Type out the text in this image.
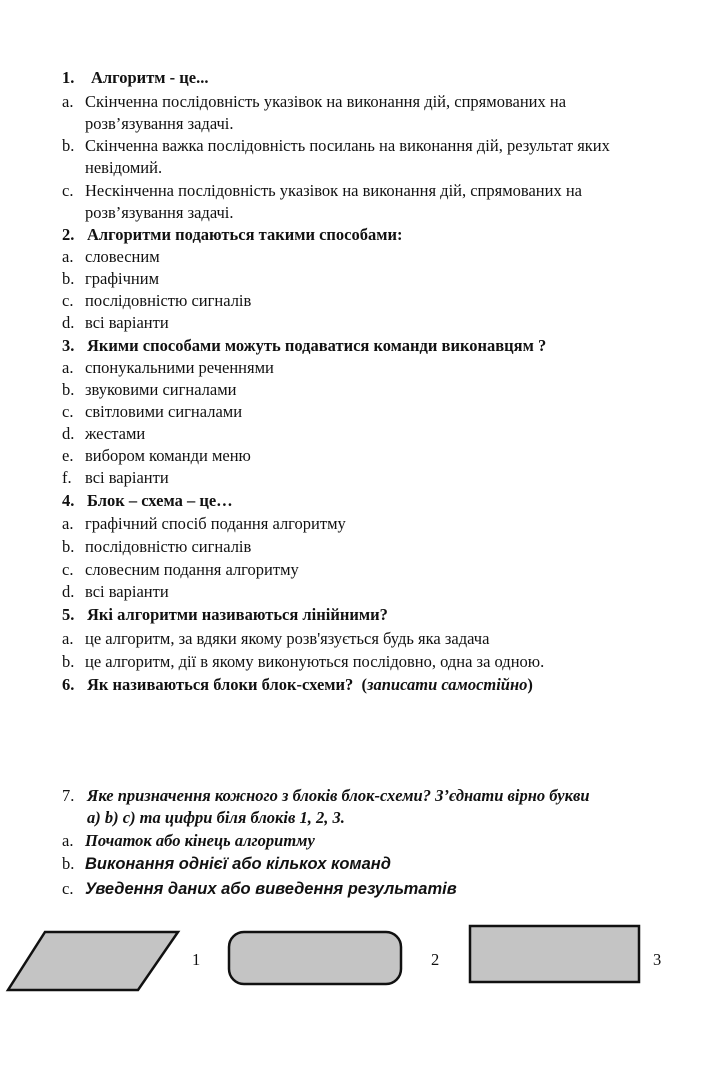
1.	Алгоритм - це...
a. Скінченна послідовність указівок на виконання дій, спрямованих на
розв’язування задачі.
b. Скінченна важка послідовність посилань на виконання дій, результат яких
невідомий.
c. Нескінченна послідовність указівок на виконання дій, спрямованих на
розв’язування задачі.
2. Алгоритми подаються такими способами:
a. словесним
b. графічним
c. послідовністю сигналів
d. всі варіанти
3. Якими способами можуть подаватися команди виконавцям ?
a. спонукальними реченнями
b. звуковими сигналами
c. світловими сигналами
d. жестами
e. вибором команди меню
f. всі варіанти
4. Блок – схема – це…
a. графічний спосіб подання алгоритму
b. послідовністю сигналів
c. словесним подання алгоритму
d. всі варіанти
5. Які алгоритми називаються лінійними?
a. це алгоритм, за вдяки якому розв'язується будь яка задача
b. це алгоритм, дії в якому виконуються послідовно, одна за одною.
6. Як називаються блоки блок-схеми?  (записати самостійно)
7. Яке призначення кожного з блоків блок-схеми? З’єднати вірно букви
а) b) c) та цифри біля блоків 1, 2, 3.
a. Початок або кінець алгоритму
b. Виконання однієї або кількох команд
c. Уведення даних або виведення результатів
1	2	3
